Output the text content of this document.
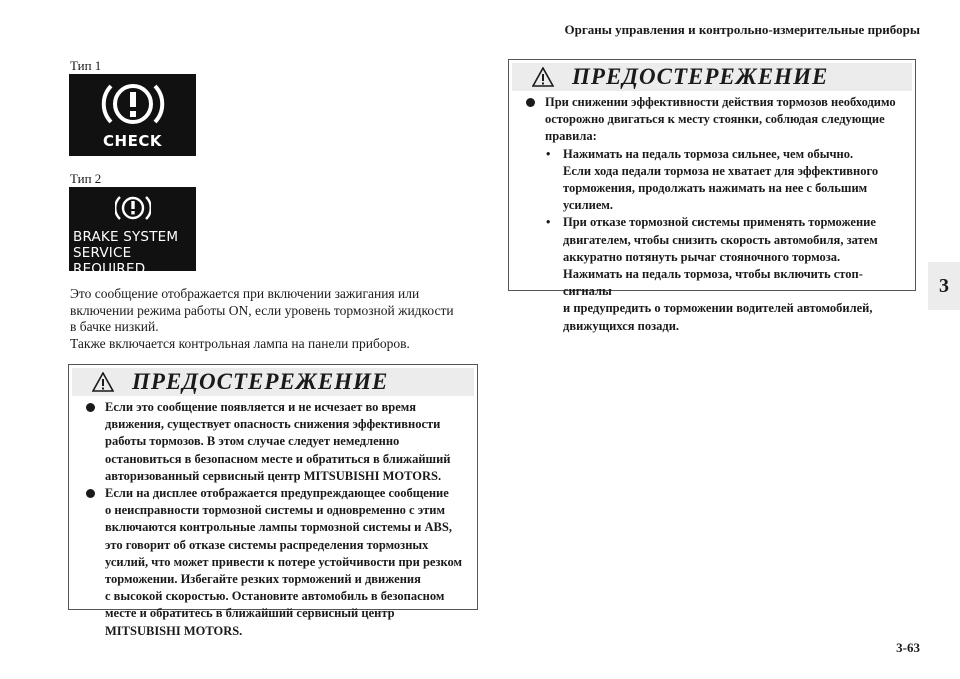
Органы управления и контрольно-измерительные приборы
3
Тип 1
CHECK
Тип 2
BRAKE SYSTEM
SERVICE REQUIRED

Это сообщение отображается при включении зажигания или

включении режима работы ON, если уровень тормозной жидкости

в бачке низкий.

Также включается контрольная лампа на панели приборов.

ПРЕДОСТЕРЕЖЕНИЕ
Если это сообщение появляется и не исчезает во время
движения, существует опасность снижения эффективности
работы тормозов. В этом случае следует немедленно
остановиться в безопасном месте и обратиться в ближайший
авторизованный сервисный центр MITSUBISHI MOTORS.
Если на дисплее отображается предупреждающее сообщение
о неисправности тормозной системы и одновременно с этим
включаются контрольные лампы тормозной системы и ABS,
это говорит об отказе системы распределения тормозных
усилий, что может привести к потере устойчивости при резком
торможении. Избегайте резких торможений и движения
с высокой скоростью. Остановите автомобиль в безопасном
месте и обратитесь в ближайший сервисный центр
MITSUBISHI MOTORS.
ПРЕДОСТЕРЕЖЕНИЕ
При снижении эффективности действия тормозов необходимо
осторожно двигаться к месту стоянки, соблюдая следующие
правила:
• Нажимать на педаль тормоза сильнее, чем обычно.
Если хода педали тормоза не хватает для эффективного
торможения, продолжать нажимать на нее с большим
усилием.
• При отказе тормозной системы применять торможение
двигателем, чтобы снизить скорость автомобиля, затем
аккуратно потянуть рычаг стояночного тормоза.
Нажимать на педаль тормоза, чтобы включить стоп-сигналы
и предупредить о торможении водителей автомобилей,
движущихся позади.
3-63
